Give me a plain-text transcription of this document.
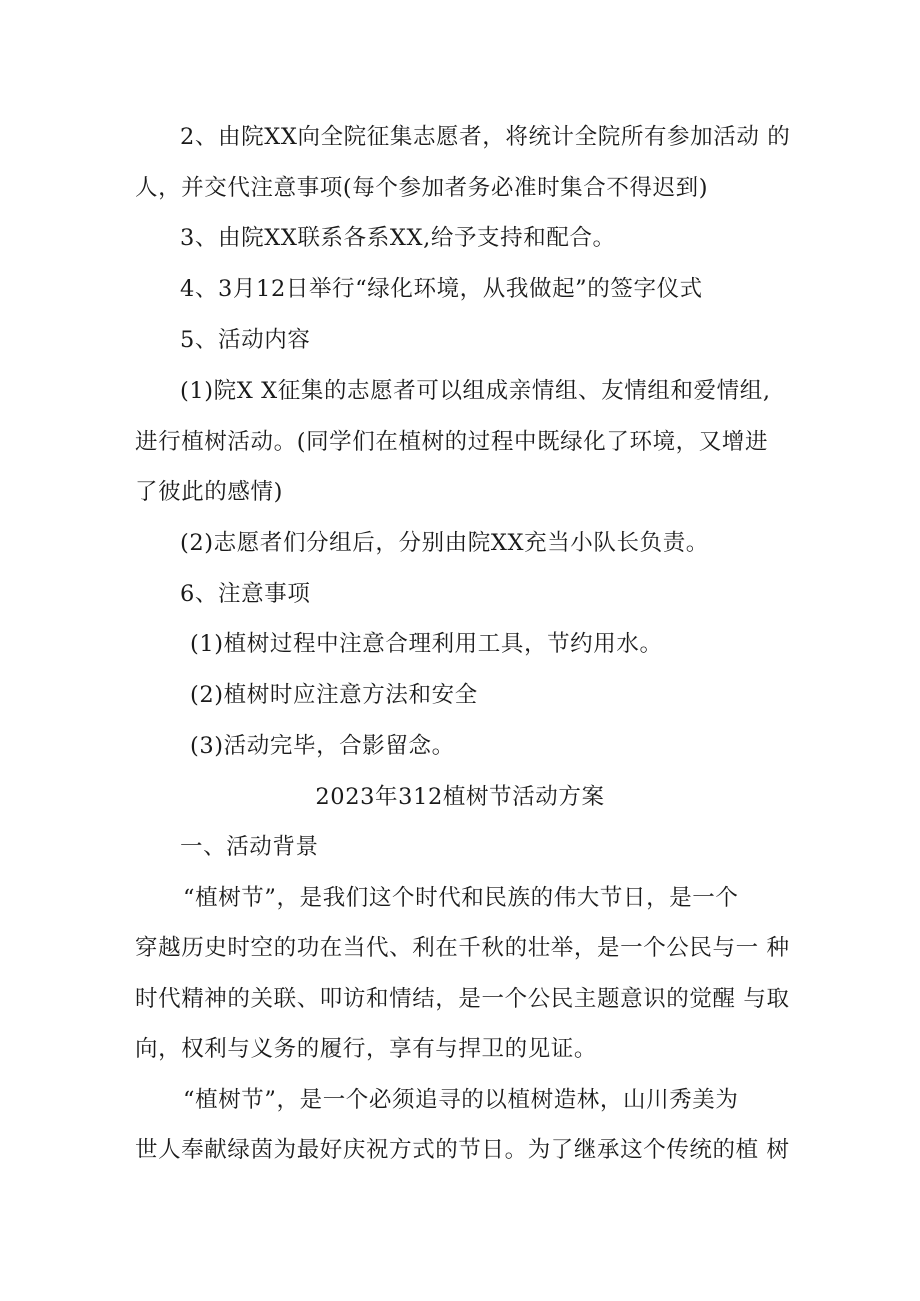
2、由院XX向全院征集志愿者，将统计全院所有参加活动 的
人，并交代注意事项(每个参加者务必准时集合不得迟到)
3、由院XX联系各系XX,给予支持和配合。
4、3月12日举行“绿化环境，从我做起”的签字仪式
5、活动内容
(1)院X X征集的志愿者可以组成亲情组、友情组和爱情组,
进行植树活动。(同学们在植树的过程中既绿化了环境，又增进
了彼此的感情)
(2)志愿者们分组后，分别由院XX充当小队长负责。
6、注意事项
(1)植树过程中注意合理利用工具，节约用水。
(2)植树时应注意方法和安全
(3)活动完毕，合影留念。
2023年312植树节活动方案
一、活动背景
“植树节”，是我们这个时代和民族的伟大节日，是一个
穿越历史时空的功在当代、利在千秋的壮举，是一个公民与一 种
时代精神的关联、叩访和情结，是一个公民主题意识的觉醒 与取
向，权利与义务的履行，享有与捍卫的见证。
“植树节”，是一个必须追寻的以植树造林，山川秀美为
世人奉献绿茵为最好庆祝方式的节日。为了继承这个传统的植 树
